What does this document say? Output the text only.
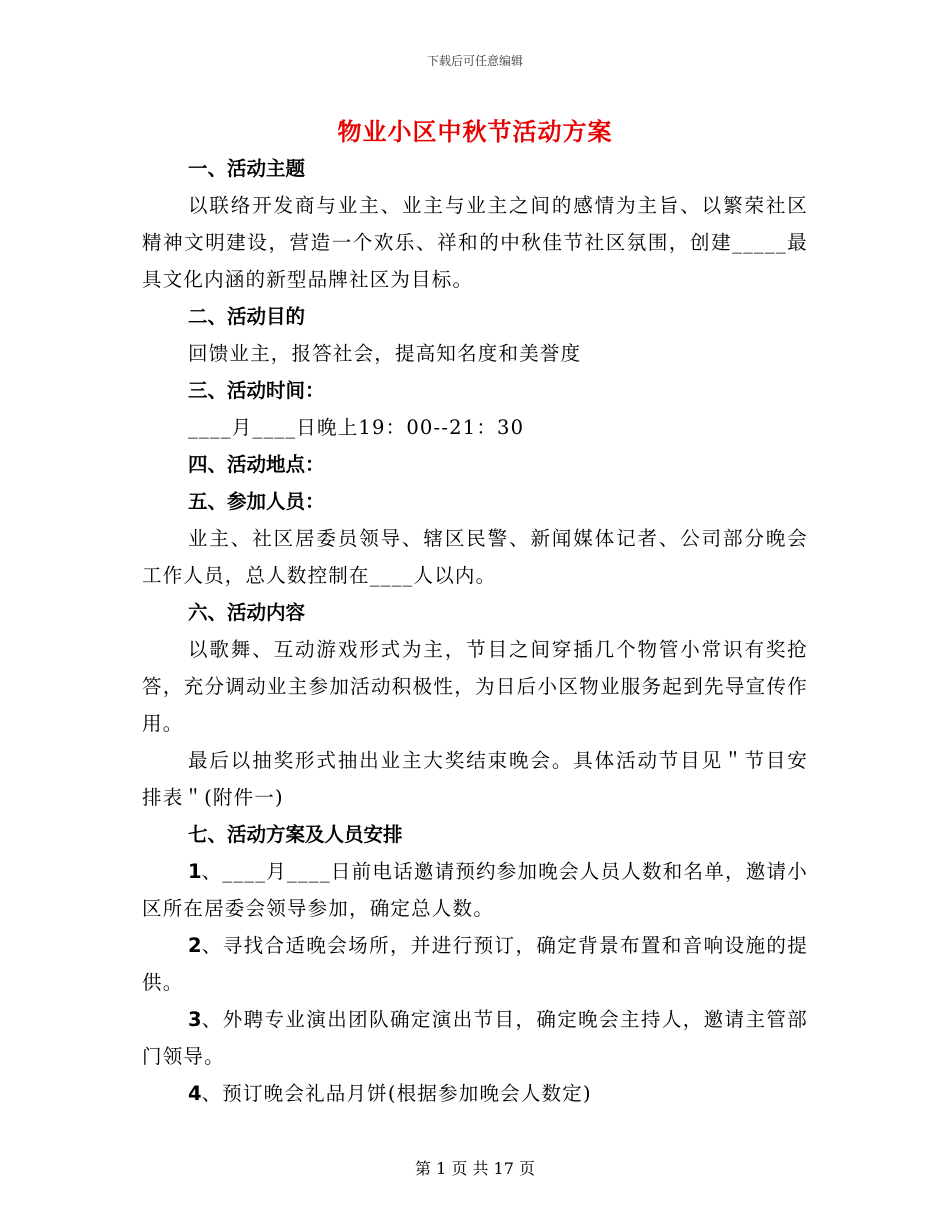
下载后可任意编辑
物业小区中秋节活动方案

一、活动主题

以联络开发商与业主、业主与业主之间的感情为主旨、以繁荣社区精神文明建设，营造一个欢乐、祥和的中秋佳节社区氛围，创建_____最具文化内涵的新型品牌社区为目标。

二、活动目的

回馈业主，报答社会，提高知名度和美誉度

三、活动时间：

____月____日晚上19：00--21：30

四、活动地点：

五、参加人员：

业主、社区居委员领导、辖区民警、新闻媒体记者、公司部分晚会工作人员，总人数控制在____人以内。

六、活动内容

以歌舞、互动游戏形式为主，节目之间穿插几个物管小常识有奖抢答，充分调动业主参加活动积极性，为日后小区物业服务起到先导宣传作用。

最后以抽奖形式抽出业主大奖结束晚会。具体活动节目见＂节目安排表＂(附件一)

七、活动方案及人员安排

1、____月____日前电话邀请预约参加晚会人员人数和名单，邀请小区所在居委会领导参加，确定总人数。

2、寻找合适晚会场所，并进行预订，确定背景布置和音响设施的提供。

3、外聘专业演出团队确定演出节目，确定晚会主持人，邀请主管部门领导。

4、预订晚会礼品月饼(根据参加晚会人数定)

第 1 页 共 17 页
